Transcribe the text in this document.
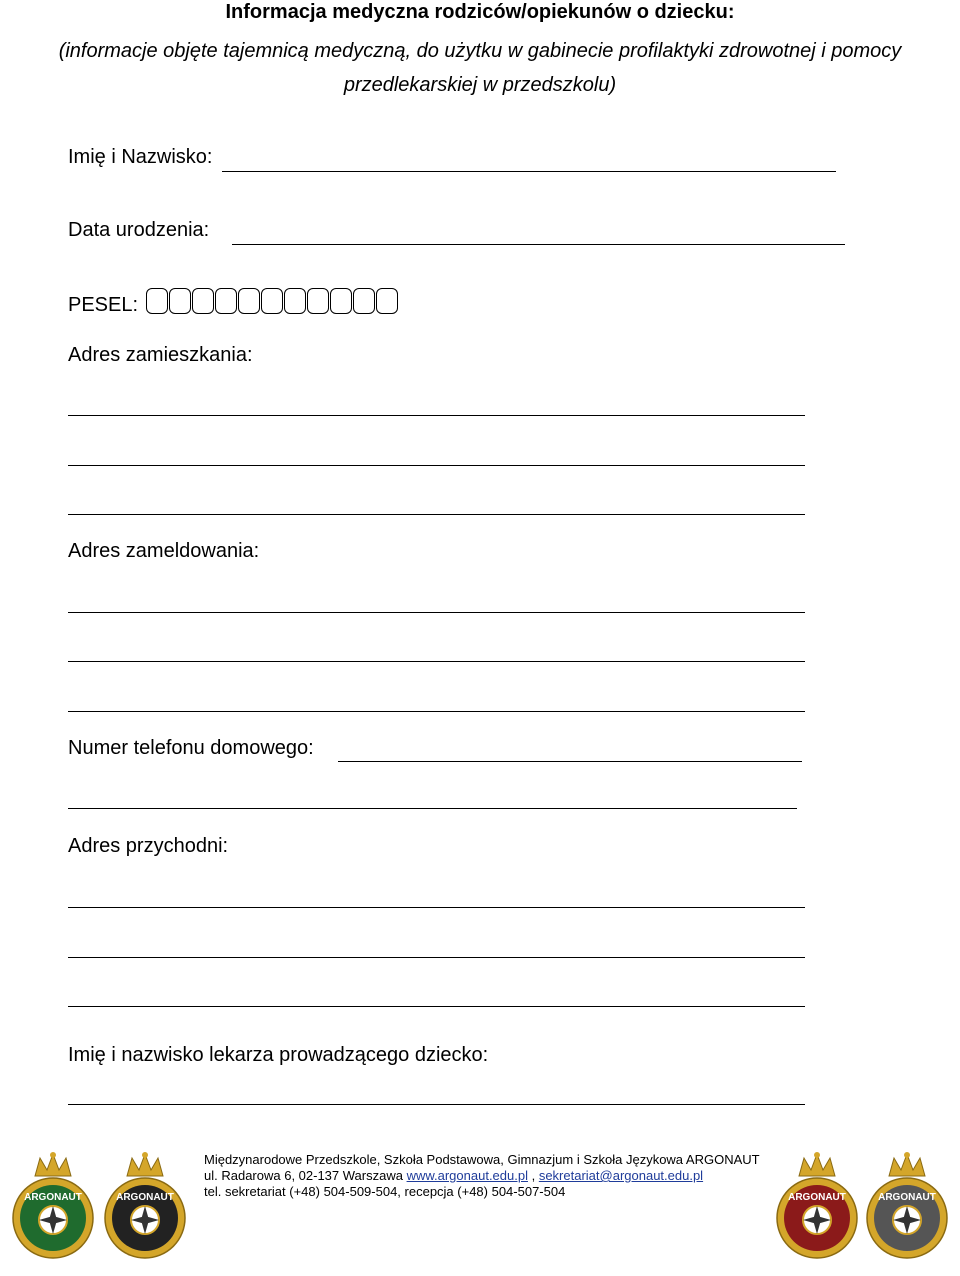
Informacja medyczna rodziców/opiekunów o dziecku:
(informacje objęte tajemnicą medyczną, do użytku w gabinecie profilaktyki zdrowotnej i pomocy przedlekarskiej w przedszkolu)
Imię i Nazwisko:
Data urodzenia:
PESEL:
Adres zamieszkania:
Adres zameldowania:
Numer telefonu domowego:
Adres przychodni:
Imię i nazwisko lekarza prowadzącego dziecko:
Międzynarodowe Przedszkole, Szkoła Podstawowa, Gimnazjum i Szkoła Językowa ARGONAUT
ul. Radarowa 6, 02-137 Warszawa www.argonaut.edu.pl , sekretariat@argonaut.edu.pl
tel. sekretariat (+48) 504-509-504, recepcja (+48) 504-507-504
ARGONAUT	ARGONAUT	ARGONAUT	ARGONAUT
